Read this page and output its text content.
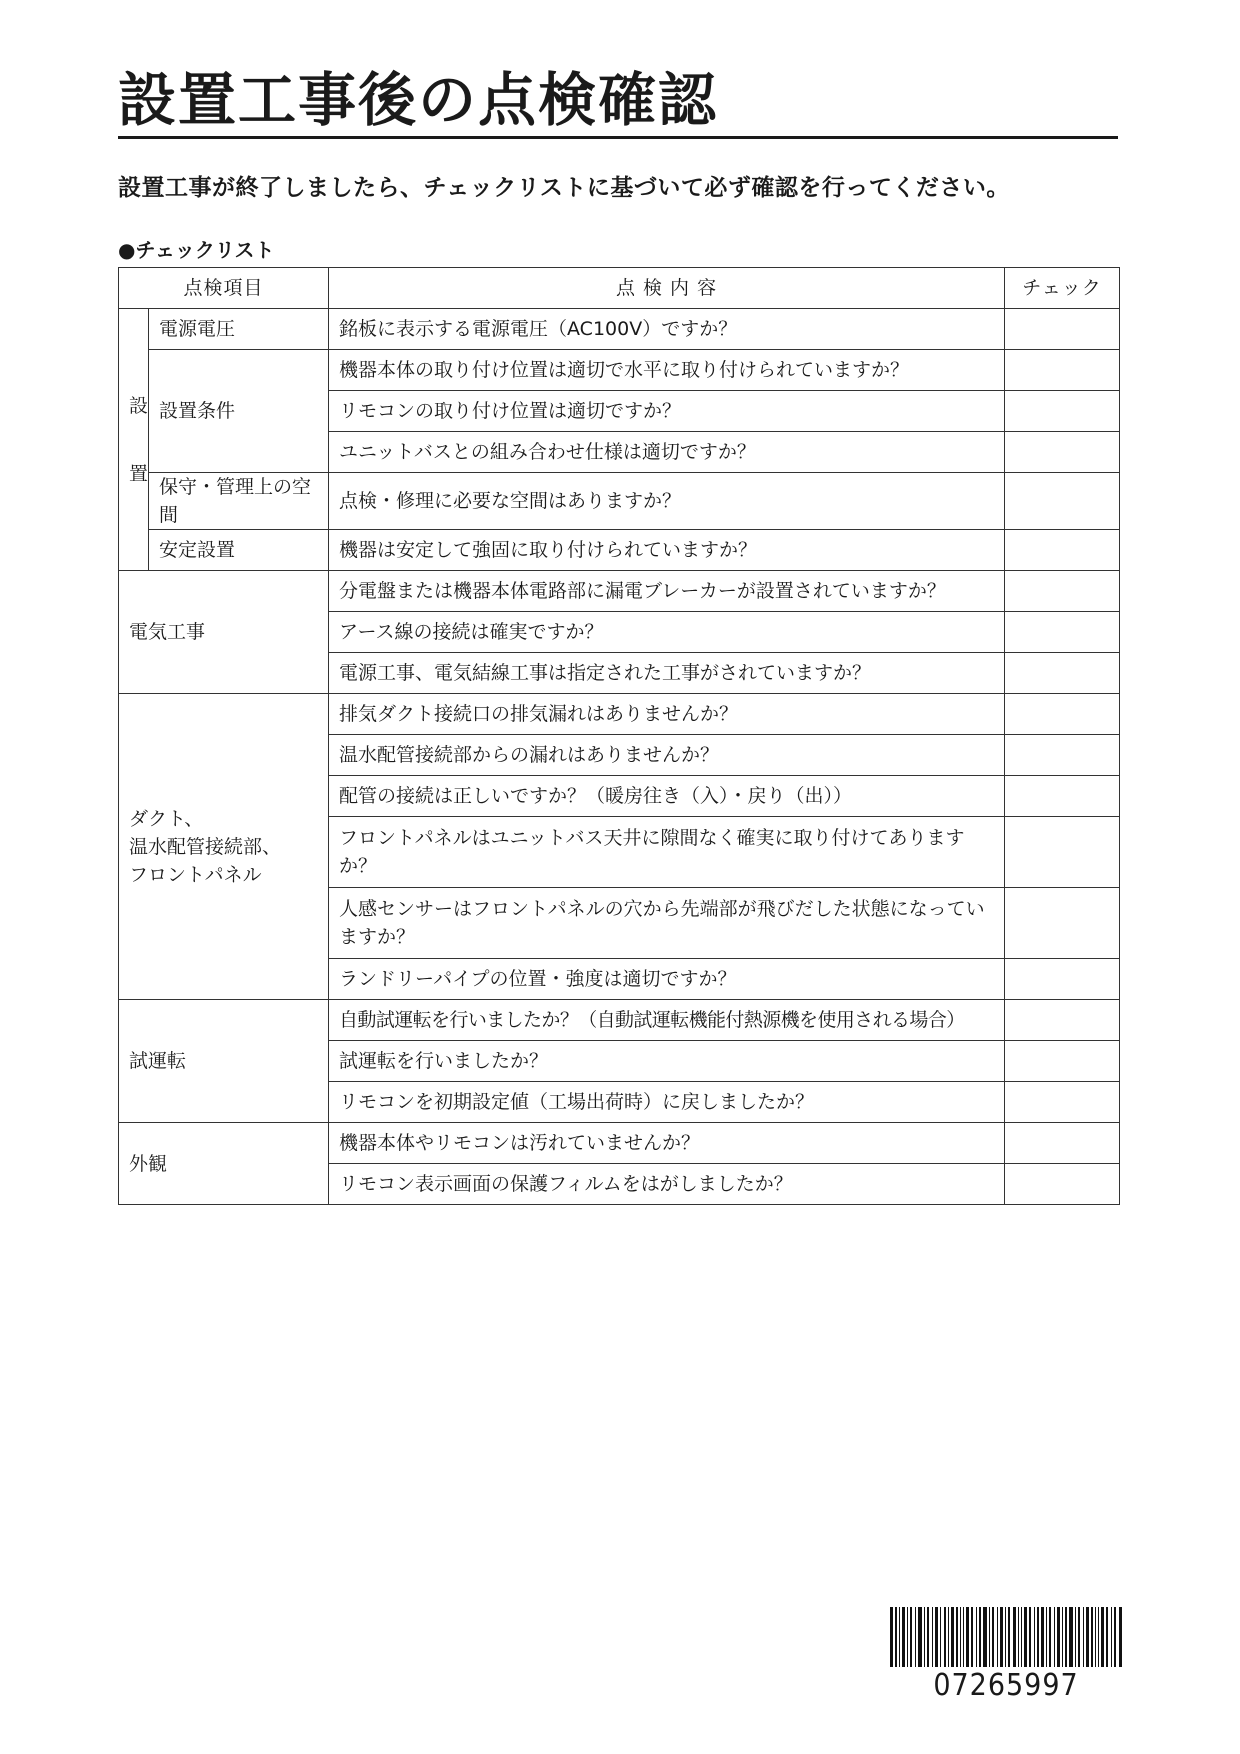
設置工事後の点検確認

設置工事が終了しましたら、チェックリストに基づいて必ず確認を行ってください。

●チェックリスト
点検項目		点 検 内 容	チェック

設
置	電源電圧	銘板に表示する電源電圧（AC100V）ですか？	
	設置条件	機器本体の取り付け位置は適切で水平に取り付けられていますか？	
		リモコンの取り付け位置は適切ですか？	
		ユニットバスとの組み合わせ仕様は適切ですか？	
	保守・管理上の空間	点検・修理に必要な空間はありますか？	
	安定設置	機器は安定して強固に取り付けられていますか？	
電気工事		分電盤または機器本体電路部に漏電ブレーカーが設置されていますか？	
		アース線の接続は確実ですか？	
		電源工事、電気結線工事は指定された工事がされていますか？	

ダクト、
温水配管接続部、
フロントパネル		排気ダクト接続口の排気漏れはありませんか？	
		温水配管接続部からの漏れはありませんか？	
		配管の接続は正しいですか？（暖房往き（入）・戻り（出））	
		フロントパネルはユニットバス天井に隙間なく確実に取り付けてありますか？	
		人感センサーはフロントパネルの穴から先端部が飛びだした状態になっていますか？	
		ランドリーパイプの位置・強度は適切ですか？	
試運転		自動試運転を行いましたか？（自動試運転機能付熱源機を使用される場合）	
		試運転を行いましたか？	
		リモコンを初期設定値（工場出荷時）に戻しましたか？	
外観		機器本体やリモコンは汚れていませんか？	
		リモコン表示画面の保護フィルムをはがしましたか？	
07265997
